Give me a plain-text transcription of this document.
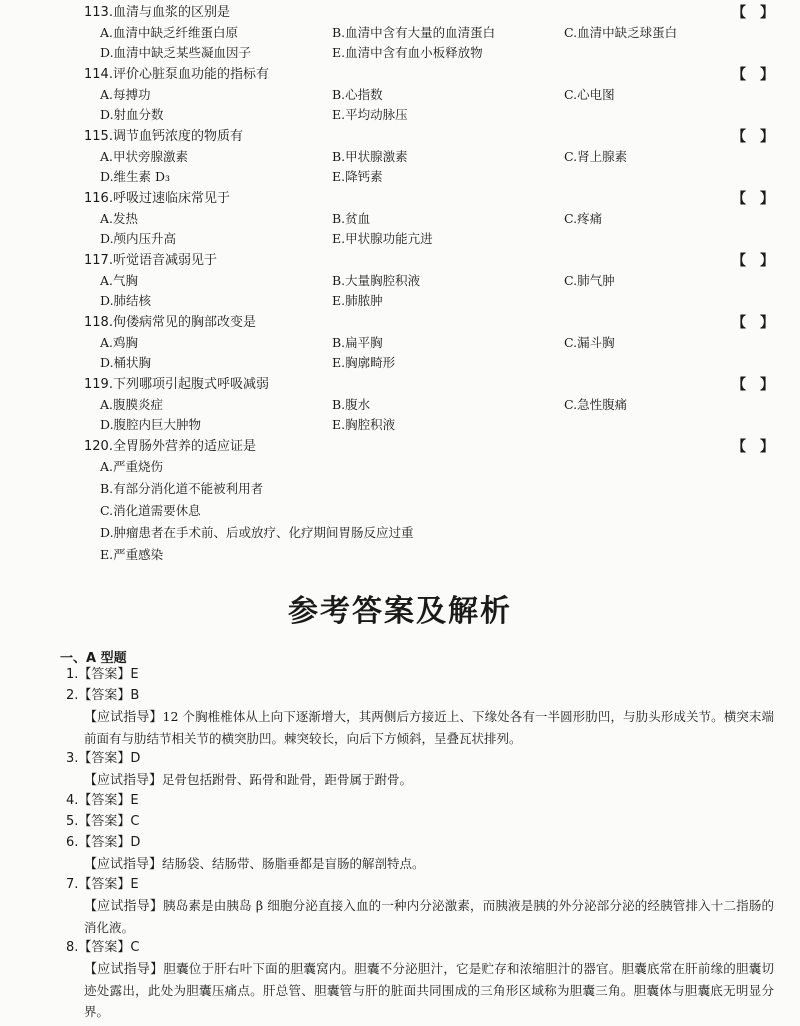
113.血清与血浆的区别是	【　】
A.血清中缺乏纤维蛋白原	B.血清中含有大量的血清蛋白	C.血清中缺乏球蛋白
D.血清中缺乏某些凝血因子	E.血清中含有血小板释放物
114.评价心脏泵血功能的指标有	【　】
A.每搏功	B.心指数	C.心电图
D.射血分数	E.平均动脉压
115.调节血钙浓度的物质有	【　】
A.甲状旁腺激素	B.甲状腺激素	C.肾上腺素
D.维生素 D₃	E.降钙素
116.呼吸过速临床常见于	【　】
A.发热	B.贫血	C.疼痛
D.颅内压升高	E.甲状腺功能亢进
117.听觉语音减弱见于	【　】
A.气胸	B.大量胸腔积液	C.肺气肿
D.肺结核	E.肺脓肿
118.佝偻病常见的胸部改变是	【　】
A.鸡胸	B.扁平胸	C.漏斗胸
D.桶状胸	E.胸廓畸形
119.下列哪项引起腹式呼吸减弱	【　】
A.腹膜炎症	B.腹水	C.急性腹痛
D.腹腔内巨大肿物	E.胸腔积液
120.全胃肠外营养的适应证是	【　】
A.严重烧伤
B.有部分消化道不能被利用者
C.消化道需要休息
D.肿瘤患者在手术前、后或放疗、化疗期间胃肠反应过重
E.严重感染
参考答案及解析
一、A 型题
1.【答案】E
2.【答案】B
【应试指导】12 个胸椎椎体从上向下逐渐增大，其两侧后方接近上、下缘处各有一半圆形肋凹，与肋头形成关节。横突末端前面有与肋结节相关节的横突肋凹。棘突较长，向后下方倾斜，呈叠瓦状排列。
3.【答案】D
【应试指导】足骨包括跗骨、跖骨和趾骨，距骨属于跗骨。
4.【答案】E
5.【答案】C
6.【答案】D
【应试指导】结肠袋、结肠带、肠脂垂都是盲肠的解剖特点。
7.【答案】E
【应试指导】胰岛素是由胰岛 β 细胞分泌直接入血的一种内分泌激素，而胰液是胰的外分泌部分泌的经胰管排入十二指肠的消化液。
8.【答案】C
【应试指导】胆囊位于肝右叶下面的胆囊窝内。胆囊不分泌胆汁，它是贮存和浓缩胆汁的器官。胆囊底常在肝前缘的胆囊切迹处露出，此处为胆囊压痛点。肝总管、胆囊管与肝的脏面共同围成的三角形区域称为胆囊三角。胆囊体与胆囊底无明显分界。
